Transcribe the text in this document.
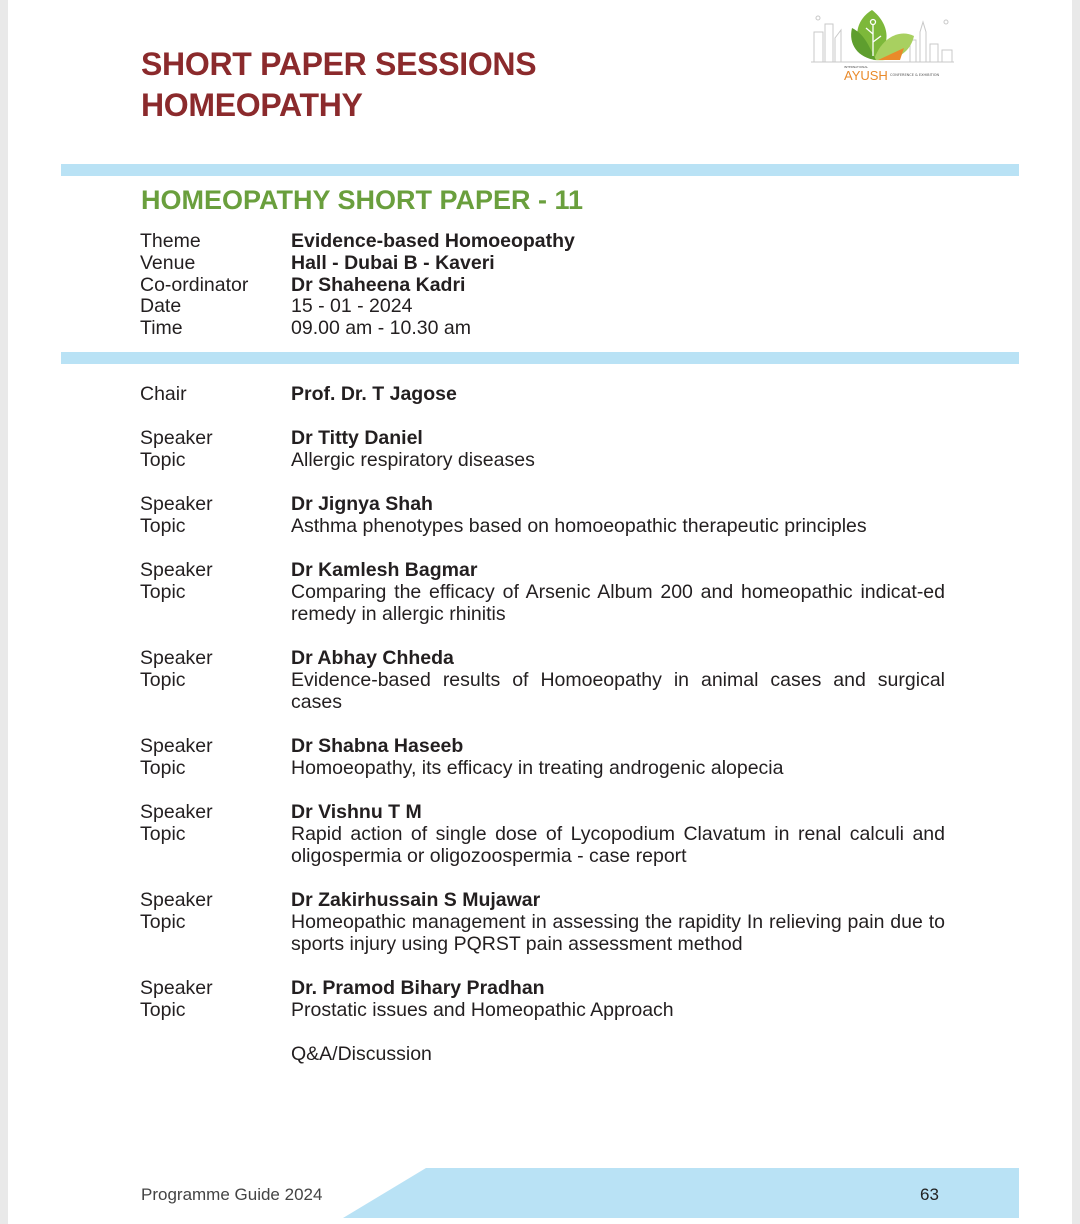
SHORT PAPER SESSIONS
HOMEOPATHY
INTERNATIONAL
AYUSH CONFERENCE & EXHIBITION
HOMEOPATHY SHORT PAPER - 11
Theme	Evidence-based Homoeopathy
Venue	Hall - Dubai B - Kaveri
Co-ordinator Dr Shaheena Kadri
Date	15 - 01 - 2024
Time	09.00 am - 10.30 am
Chair	Prof. Dr. T Jagose
Speaker	Dr Titty Daniel
Topic	Allergic respiratory diseases
Speaker	Dr Jignya Shah
Topic	Asthma phenotypes based on homoeopathic therapeutic principles
Speaker	Dr Kamlesh Bagmar
Topic	Comparing the efficacy of Arsenic Album 200 and homeopathic indicat-ed remedy in allergic rhinitis
Speaker	Dr Abhay Chheda
Topic	Evidence-based results of Homoeopathy in animal cases and surgical cases
Speaker	Dr Shabna Haseeb
Topic	Homoeopathy, its efficacy in treating androgenic alopecia
Speaker	Dr Vishnu T M
Topic	Rapid action of single dose of Lycopodium Clavatum in renal calculi and oligospermia or oligozoospermia - case report
Speaker	Dr Zakirhussain S Mujawar
Topic	Homeopathic management in assessing the rapidity In relieving pain due to sports injury using PQRST pain assessment method
Speaker	Dr. Pramod Bihary Pradhan
Topic	Prostatic issues and Homeopathic Approach
Q&A/Discussion
Programme Guide 2024	63
